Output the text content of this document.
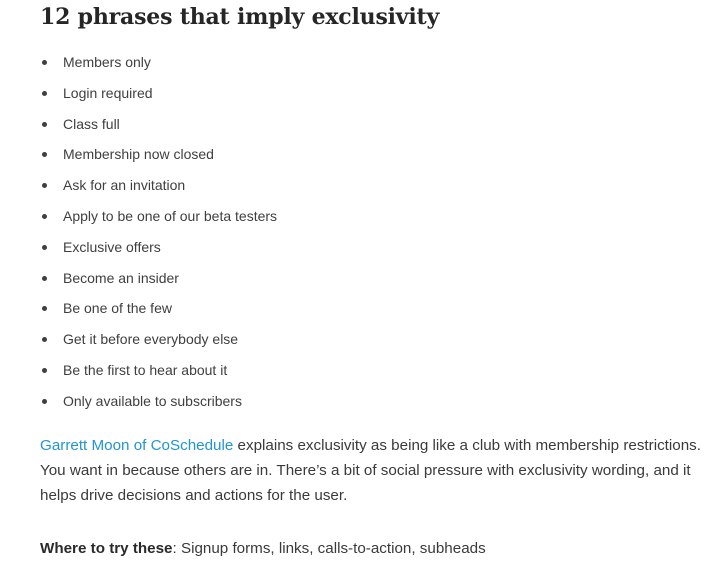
12 phrases that imply exclusivity
Members only
Login required
Class full
Membership now closed
Ask for an invitation
Apply to be one of our beta testers
Exclusive offers
Become an insider
Be one of the few
Get it before everybody else
Be the first to hear about it
Only available to subscribers

Garrett Moon of CoSchedule explains exclusivity as being like a club with membership restrictions. You want in because others are in. There’s a bit of social pressure with exclusivity wording, and it helps drive decisions and actions for the user.

Where to try these: Signup forms, links, calls-to-action, subheads
